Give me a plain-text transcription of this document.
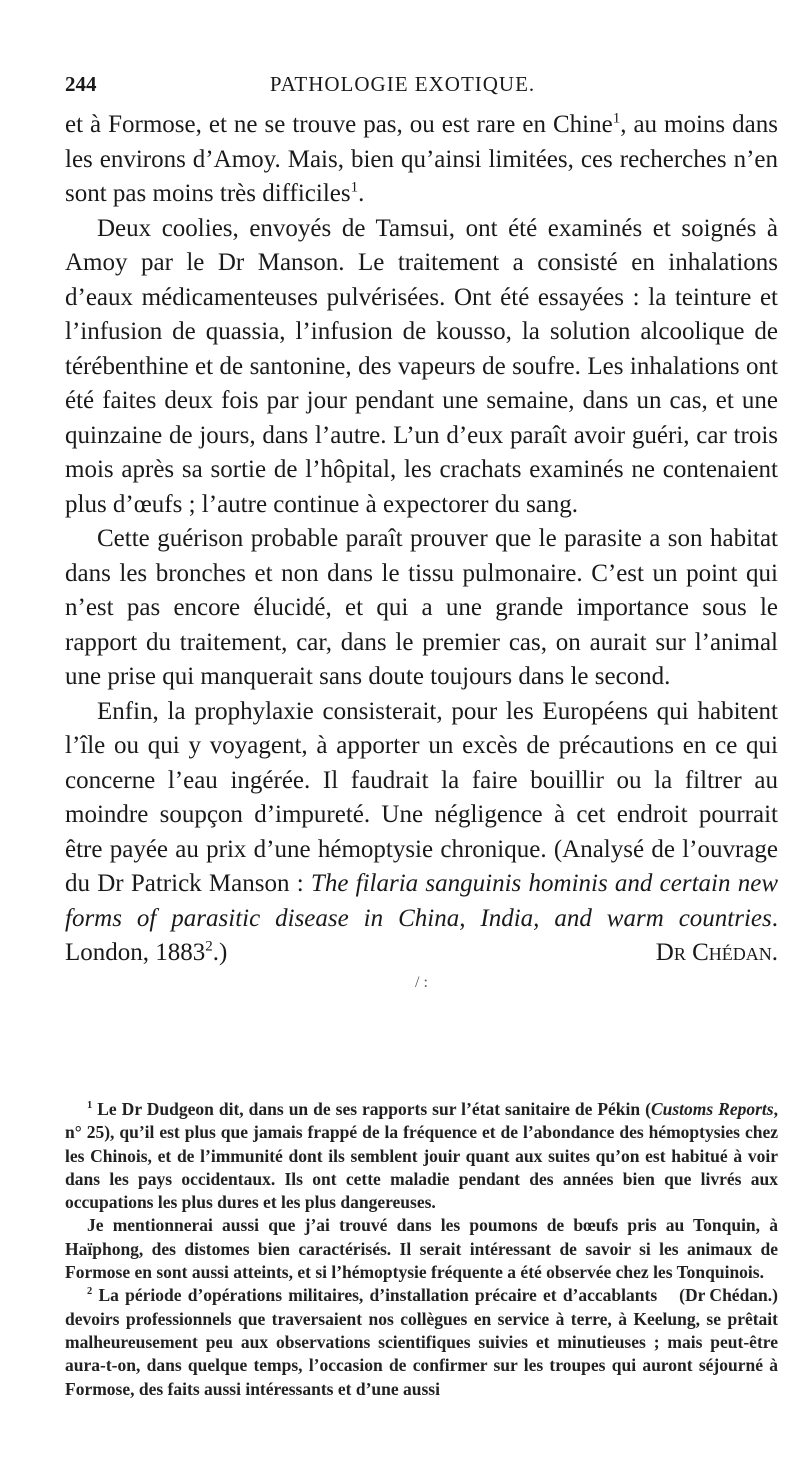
244	PATHOLOGIE EXOTIQUE.

et à Formose, et ne se trouve pas, ou est rare en Chine$^1$, au moins dans les environs d’Amoy. Mais, bien qu’ainsi limitées, ces recherches n’en sont pas moins très difficiles$^1$.

Deux coolies, envoyés de Tamsui, ont été examinés et soignés à Amoy par le Dr Manson. Le traitement a consisté en inhalations d’eaux médicamenteuses pulvérisées. Ont été essayées : la teinture et l’infusion de quassia, l’infusion de kousso, la solution alcoolique de térébenthine et de santonine, des vapeurs de soufre. Les inhalations ont été faites deux fois par jour pendant une semaine, dans un cas, et une quinzaine de jours, dans l’autre. L’un d’eux paraît avoir guéri, car trois mois après sa sortie de l’hôpital, les crachats examinés ne contenaient plus d’œufs ; l’autre continue à expectorer du sang.

Cette guérison probable paraît prouver que le parasite a son habitat dans les bronches et non dans le tissu pulmonaire. C’est un point qui n’est pas encore élucidé, et qui a une grande importance sous le rapport du traitement, car, dans le premier cas, on aurait sur l’animal une prise qui manquerait sans doute toujours dans le second.

Enfin, la prophylaxie consisterait, pour les Européens qui habitent l’île ou qui y voyagent, à apporter un excès de précautions en ce qui concerne l’eau ingérée. Il faudrait la faire bouillir ou la filtrer au moindre soupçon d’impureté. Une négligence à cet endroit pourrait être payée au prix d’une hémoptysie chronique. (Analysé de l’ouvrage du Dr Patrick Manson : The filaria sanguinis hominis and certain new forms of parasitic disease in China, India, and warm countries. London, 1883$^2$.)	Dr Chédan.

/ :

$^1$ Le Dr Dudgeon dit, dans un de ses rapports sur l’état sanitaire de Pékin (Customs Reports, n° 25), qu’il est plus que jamais frappé de la fréquence et de l’abondance des hémoptysies chez les Chinois, et de l’immunité dont ils semblent jouir quant aux suites qu’on est habitué à voir dans les pays occidentaux. Ils ont cette maladie pendant des années bien que livrés aux occupations les plus dures et les plus dangereuses.

Je mentionnerai aussi que j’ai trouvé dans les poumons de bœufs pris au Tonquin, à Haïphong, des distomes bien caractérisés. Il serait intéressant de savoir si les animaux de Formose en sont aussi atteints, et si l’hémoptysie fréquente a été observée chez les Tonquinois.
(Dr Chédan.)

$^2$ La période d’opérations militaires, d’installation précaire et d’accablants devoirs professionnels que traversaient nos collègues en service à terre, à Keelung, se prêtait malheureusement peu aux observations scientifiques suivies et minutieuses ; mais peut-être aura-t-on, dans quelque temps, l’occasion de confirmer sur les troupes qui auront séjourné à Formose, des faits aussi intéressants et d’une aussi
